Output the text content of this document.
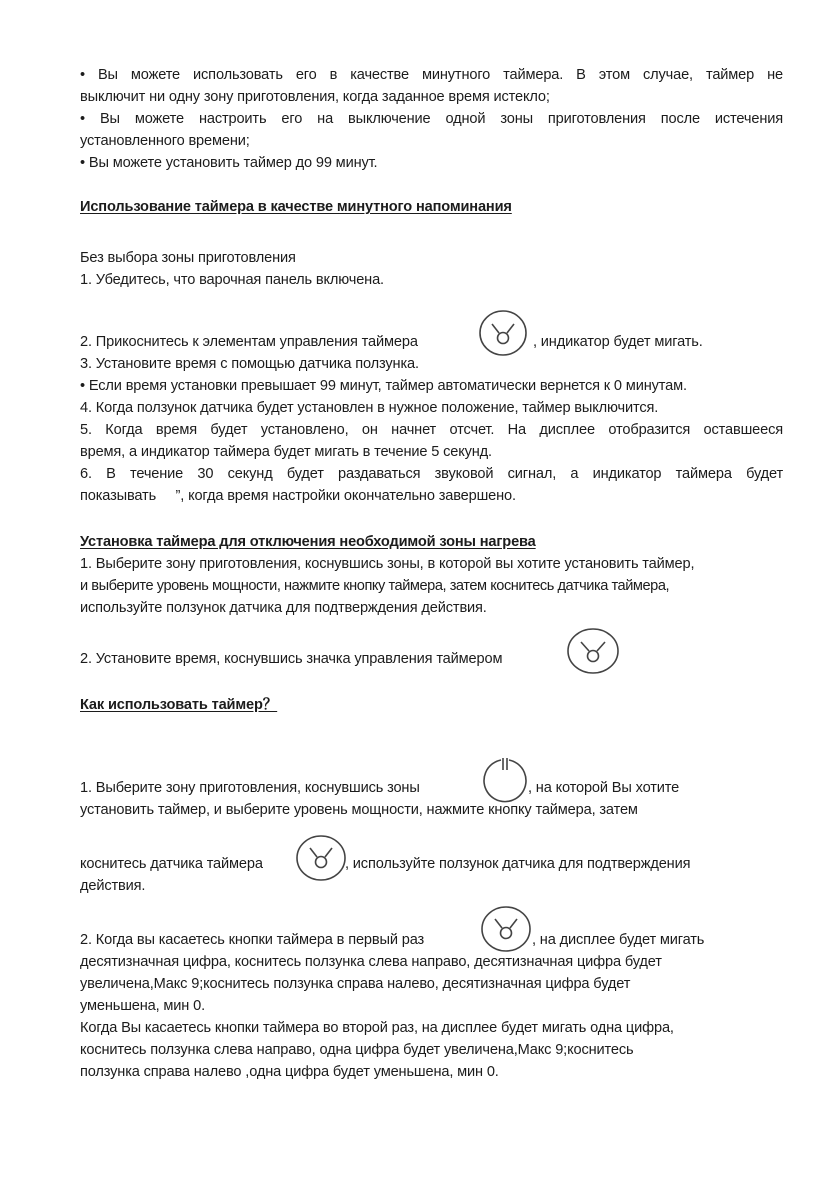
• Вы можете использовать его в качестве минутного таймера. В этом случае, таймер не
выключит ни одну зону приготовления, когда заданное время истекло;
• Вы можете настроить его на выключение одной зоны приготовления после истечения
установленного времени;
• Вы можете установить таймер до 99 минут.
Использование таймера в качестве минутного напоминания
Без выбора зоны приготовления
1. Убедитесь, что варочная панель включена.
2. Прикоснитесь к элементам управления таймера	, индикатор будет мигать.
3. Установите время с помощью датчика ползунка.
• Если время установки превышает 99 минут, таймер автоматически вернется к 0 минутам.
4. Когда ползунок датчика будет установлен в нужное положение, таймер выключится.
5. Когда время будет установлено, он начнет отсчет. На дисплее отобразится оставшееся
время, а индикатор таймера будет мигать в течение 5 секунд.
6. В течение 30 секунд будет раздаваться звуковой сигнал, а индикатор таймера будет
показывать     ”, когда время настройки окончательно завершено.
Установка таймера для отключения необходимой зоны нагрева
1. Выберите зону приготовления, коснувшись зоны, в которой вы хотите установить таймер,
и выберите уровень мощности, нажмите кнопку таймера, затем коснитесь датчика таймера,
используйте ползунок датчика для подтверждения действия.
2. Установите время, коснувшись значка управления таймером
Как использовать таймер？
1. Выберите зону приготовления, коснувшись зоны	, на которой Вы хотите
установить таймер, и выберите уровень мощности, нажмите кнопку таймера, затем
коснитесь датчика таймера	, используйте ползунок датчика для подтверждения
действия.
2. Когда вы касаетесь кнопки таймера в первый раз	, на дисплее будет мигать
десятизначная цифра, коснитесь ползунка слева направо, десятизначная цифра будет
увеличена,Макс 9;коснитесь ползунка справа налево, десятизначная цифра будет
уменьшена, мин 0.
Когда Вы касаетесь кнопки таймера во второй раз, на дисплее будет мигать одна цифра,
коснитесь ползунка слева направо, одна цифра будет увеличена,Макс 9;коснитесь
ползунка справа налево ,одна цифра будет уменьшена, мин 0.
